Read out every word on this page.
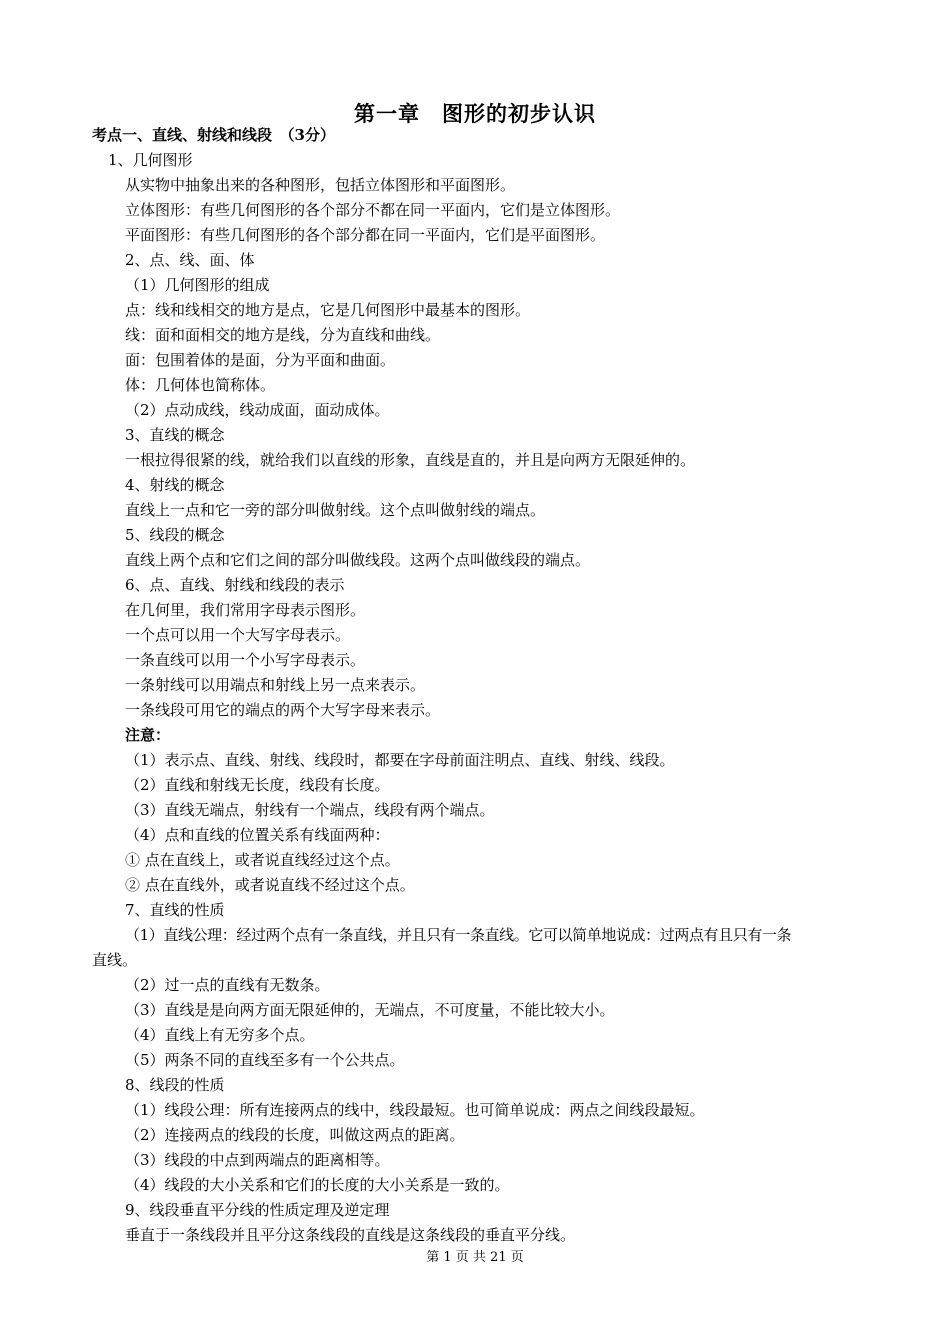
第一章　图形的初步认识
考点一、直线、射线和线段　（3分）
1、几何图形
从实物中抽象出来的各种图形，包括立体图形和平面图形。
立体图形：有些几何图形的各个部分不都在同一平面内，它们是立体图形。
平面图形：有些几何图形的各个部分都在同一平面内，它们是平面图形。
2、点、线、面、体
（1）几何图形的组成
点：线和线相交的地方是点，它是几何图形中最基本的图形。
线：面和面相交的地方是线，分为直线和曲线。
面：包围着体的是面，分为平面和曲面。
体：几何体也简称体。
（2）点动成线，线动成面，面动成体。
3、直线的概念
一根拉得很紧的线，就给我们以直线的形象，直线是直的，并且是向两方无限延伸的。
4、射线的概念
直线上一点和它一旁的部分叫做射线。这个点叫做射线的端点。
5、线段的概念
直线上两个点和它们之间的部分叫做线段。这两个点叫做线段的端点。
6、点、直线、射线和线段的表示
在几何里，我们常用字母表示图形。
一个点可以用一个大写字母表示。
一条直线可以用一个小写字母表示。
一条射线可以用端点和射线上另一点来表示。
一条线段可用它的端点的两个大写字母来表示。
注意：
（1）表示点、直线、射线、线段时，都要在字母前面注明点、直线、射线、线段。
（2）直线和射线无长度，线段有长度。
（3）直线无端点，射线有一个端点，线段有两个端点。
（4）点和直线的位置关系有线面两种：
① 点在直线上，或者说直线经过这个点。
② 点在直线外，或者说直线不经过这个点。
7、直线的性质
（1）直线公理：经过两个点有一条直线，并且只有一条直线。它可以简单地说成：过两点有且只有一条
直线。
（2）过一点的直线有无数条。
（3）直线是是向两方面无限延伸的，无端点，不可度量，不能比较大小。
（4）直线上有无穷多个点。
（5）两条不同的直线至多有一个公共点。
8、线段的性质
（1）线段公理：所有连接两点的线中，线段最短。也可简单说成：两点之间线段最短。
（2）连接两点的线段的长度，叫做这两点的距离。
（3）线段的中点到两端点的距离相等。
（4）线段的大小关系和它们的长度的大小关系是一致的。
9、线段垂直平分线的性质定理及逆定理
垂直于一条线段并且平分这条线段的直线是这条线段的垂直平分线。
第 1 页 共 21 页
